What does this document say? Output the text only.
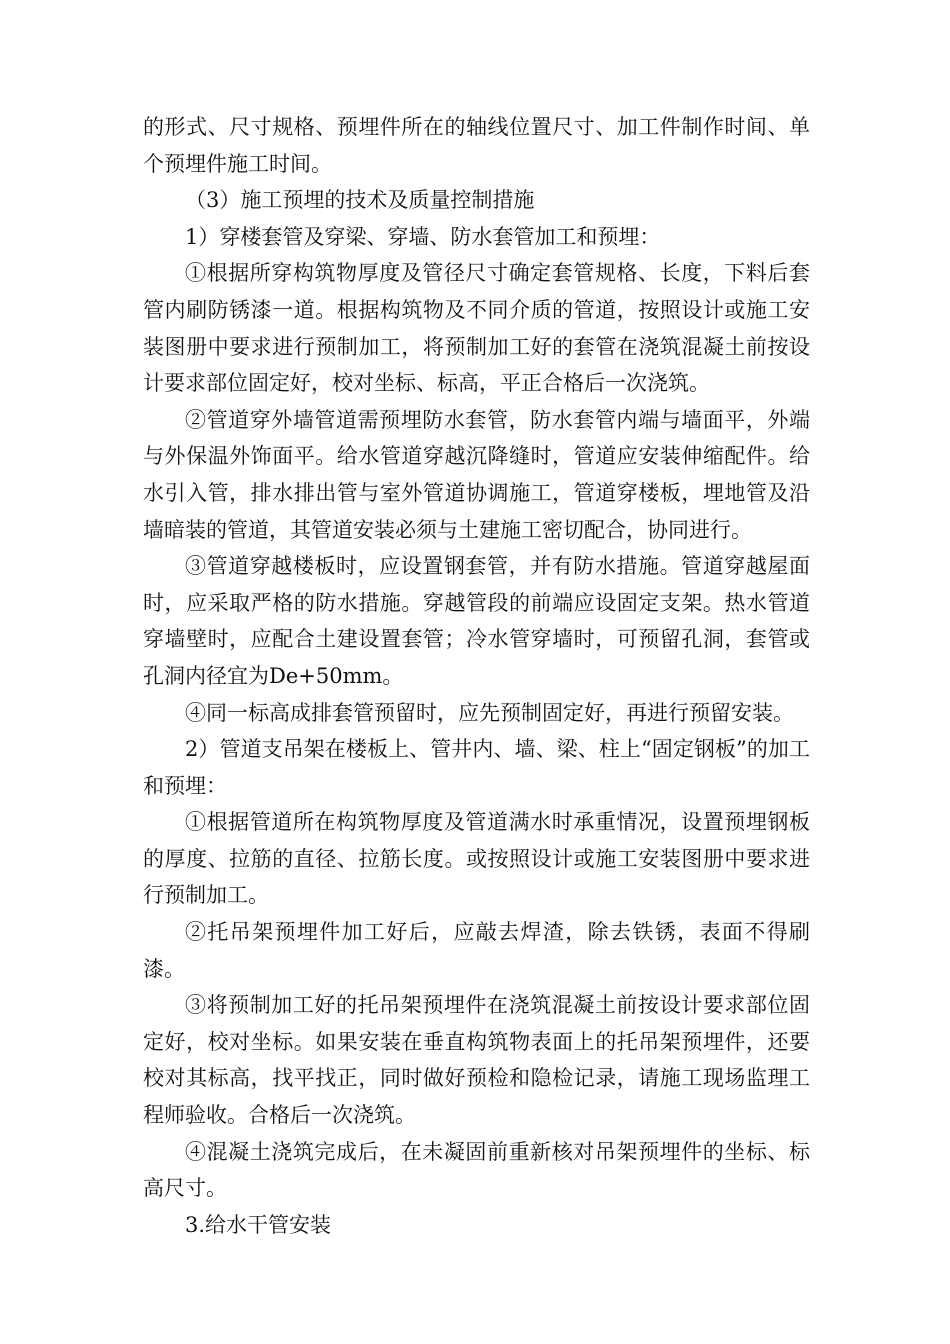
的形式、尺寸规格、预埋件所在的轴线位置尺寸、加工件制作时间、单个预埋件施工时间。

（3）施工预埋的技术及质量控制措施

1）穿楼套管及穿梁、穿墙、防水套管加工和预埋：

①根据所穿构筑物厚度及管径尺寸确定套管规格、长度，下料后套管内刷防锈漆一道。根据构筑物及不同介质的管道，按照设计或施工安装图册中要求进行预制加工，将预制加工好的套管在浇筑混凝土前按设计要求部位固定好，校对坐标、标高，平正合格后一次浇筑。

②管道穿外墙管道需预埋防水套管，防水套管内端与墙面平，外端与外保温外饰面平。给水管道穿越沉降缝时，管道应安装伸缩配件。给水引入管，排水排出管与室外管道协调施工，管道穿楼板，埋地管及沿墙暗装的管道，其管道安装必须与土建施工密切配合，协同进行。

③管道穿越楼板时，应设置钢套管，并有防水措施。管道穿越屋面时，应采取严格的防水措施。穿越管段的前端应设固定支架。热水管道穿墙壁时，应配合土建设置套管；冷水管穿墙时，可预留孔洞，套管或孔洞内径宜为De+50mm。

④同一标高成排套管预留时，应先预制固定好，再进行预留安装。

2）管道支吊架在楼板上、管井内、墙、梁、柱上“固定钢板”的加工和预埋：

①根据管道所在构筑物厚度及管道满水时承重情况，设置预埋钢板的厚度、拉筋的直径、拉筋长度。或按照设计或施工安装图册中要求进行预制加工。

②托吊架预埋件加工好后，应敲去焊渣，除去铁锈，表面不得刷漆。

③将预制加工好的托吊架预埋件在浇筑混凝土前按设计要求部位固定好，校对坐标。如果安装在垂直构筑物表面上的托吊架预埋件，还要校对其标高，找平找正，同时做好预检和隐检记录，请施工现场监理工程师验收。合格后一次浇筑。

④混凝土浇筑完成后，在未凝固前重新核对吊架预埋件的坐标、标高尺寸。

3.给水干管安装
